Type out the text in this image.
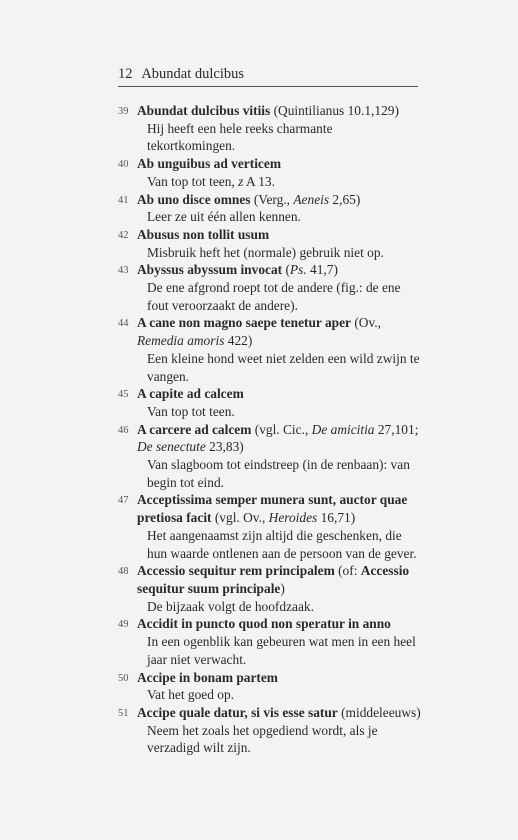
12 Abundat dulcibus
39 Abundat dulcibus vitiis (Quintilianus 10.1,129)
Hij heeft een hele reeks charmante tekortkomingen.
40 Ab unguibus ad verticem
Van top tot teen, z A 13.
41 Ab uno disce omnes (Verg., Aeneis 2,65)
Leer ze uit één allen kennen.
42 Abusus non tollit usum
Misbruik heft het (normale) gebruik niet op.
43 Abyssus abyssum invocat (Ps. 41,7)
De ene afgrond roept tot de andere (fig.: de ene fout veroorzaakt de andere).
44 A cane non magno saepe tenetur aper (Ov., Remedia amoris 422)
Een kleine hond weet niet zelden een wild zwijn te vangen.
45 A capite ad calcem
Van top tot teen.
46 A carcere ad calcem (vgl. Cic., De amicitia 27,101; De senectute 23,83)
Van slagboom tot eindstreep (in de renbaan): van begin tot eind.
47 Acceptissima semper munera sunt, auctor quae pretiosa facit (vgl. Ov., Heroides 16,71)
Het aangenaamst zijn altijd die geschenken, die hun waarde ontlenen aan de persoon van de gever.
48 Accessio sequitur rem principalem (of: Accessio sequitur suum principale)
De bijzaak volgt de hoofdzaak.
49 Accidit in puncto quod non speratur in anno
In een ogenblik kan gebeuren wat men in een heel jaar niet verwacht.
50 Accipe in bonam partem
Vat het goed op.
51 Accipe quale datur, si vis esse satur (middeleeuws)
Neem het zoals het opgediend wordt, als je verzadigd wilt zijn.
